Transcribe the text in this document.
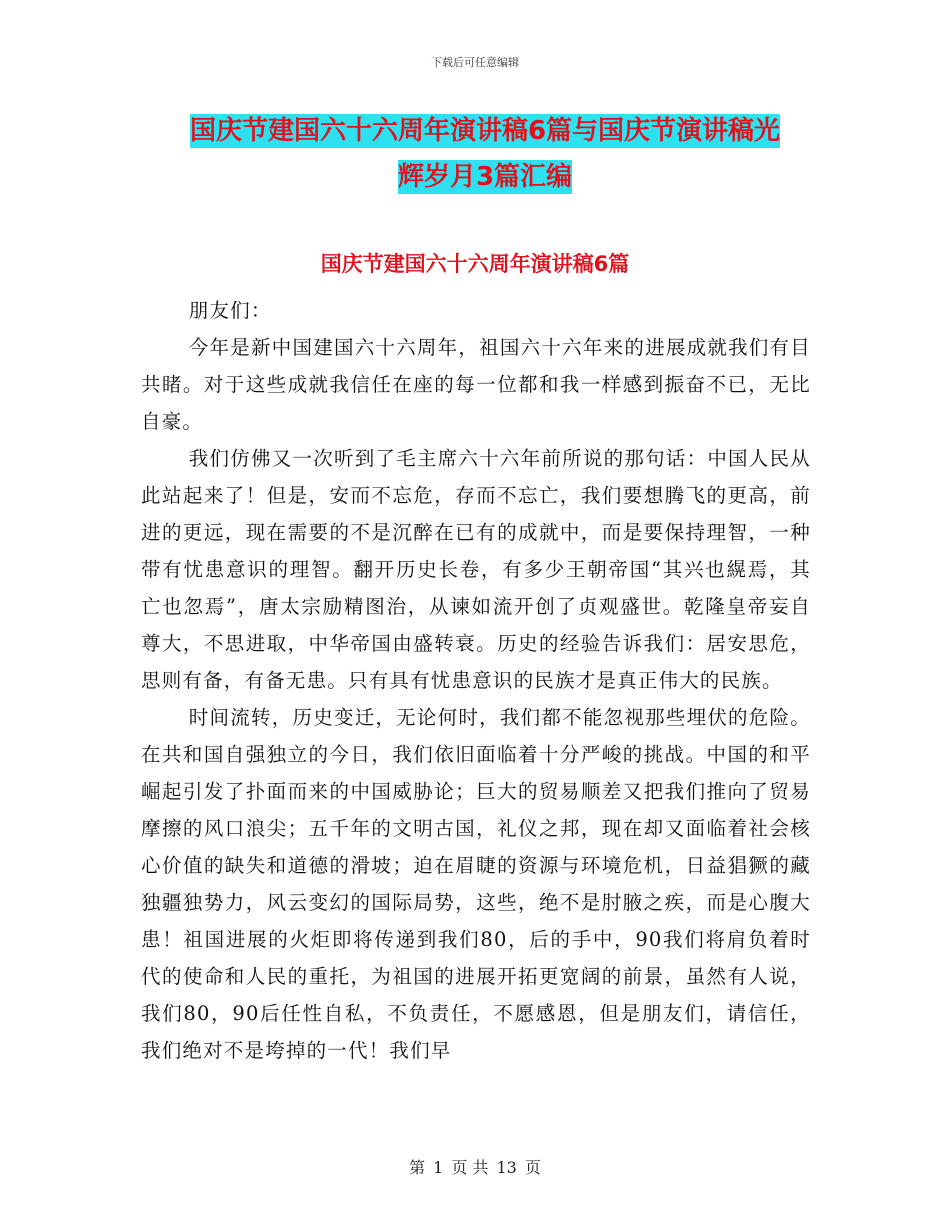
下载后可任意编辑
国庆节建国六十六周年演讲稿6篇与国庆节演讲稿光
辉岁月3篇汇编
国庆节建国六十六周年演讲稿6篇

朋友们：

今年是新中国建国六十六周年，祖国六十六年来的进展成就我们有目共睹。对于这些成就我信任在座的每一位都和我一样感到振奋不已，无比自豪。

我们仿佛又一次听到了毛主席六十六年前所说的那句话：中国人民从此站起来了！但是，安而不忘危，存而不忘亡，我们要想腾飞的更高，前进的更远，现在需要的不是沉醉在已有的成就中，而是要保持理智，一种带有忧患意识的理智。翻开历史长卷，有多少王朝帝国“其兴也縨焉，其亡也忽焉”，唐太宗励精图治，从谏如流开创了贞观盛世。乾隆皇帝妄自尊大，不思进取，中华帝国由盛转衰。历史的经验告诉我们：居安思危，思则有备，有备无患。只有具有忧患意识的民族才是真正伟大的民族。

时间流转，历史变迁，无论何时，我们都不能忽视那些埋伏的危险。在共和国自强独立的今日，我们依旧面临着十分严峻的挑战。中国的和平崛起引发了扑面而来的中国威胁论；巨大的贸易顺差又把我们推向了贸易摩擦的风口浪尖；五千年的文明古国，礼仪之邦，现在却又面临着社会核心价值的缺失和道德的滑坡；迫在眉睫的资源与环境危机，日益猖獗的藏独疆独势力，风云变幻的国际局势，这些，绝不是肘腋之疾，而是心腹大患！祖国进展的火炬即将传递到我们80，后的手中，90我们将肩负着时代的使命和人民的重托，为祖国的进展开拓更宽阔的前景，虽然有人说，我们80，90后任性自私，不负责任，不愿感恩，但是朋友们，请信任，我们绝对不是垮掉的一代！我们早

第 1 页 共 13 页
